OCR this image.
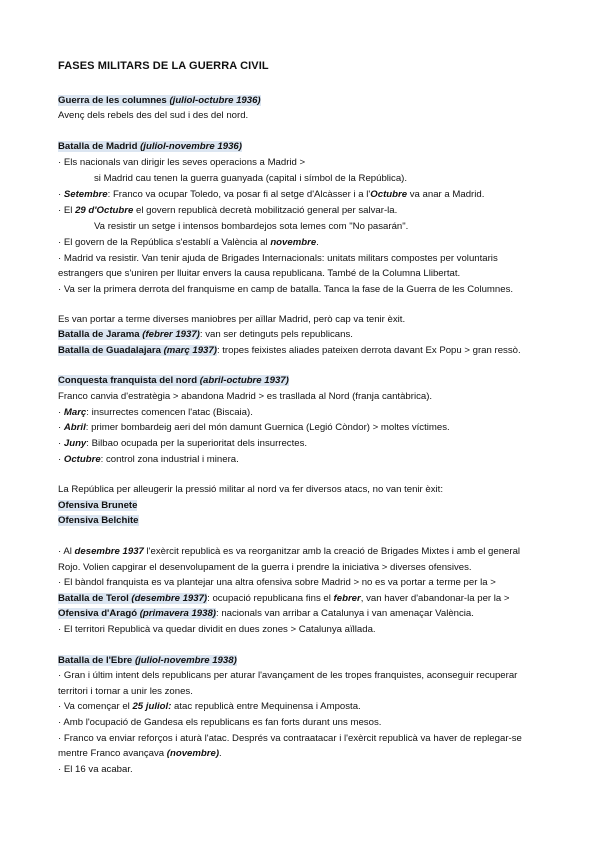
FASES MILITARS DE LA GUERRA CIVIL
Guerra de les columnes (juliol-octubre 1936)
Avenç dels rebels des del sud i des del nord.
Batalla de Madrid (juliol-novembre 1936)
· Els nacionals van dirigir les seves operacions a Madrid >
si Madrid cau tenen la guerra guanyada (capital i símbol de la República).
· Setembre: Franco va ocupar Toledo, va posar fi al setge d'Alcàsser i a l'Octubre va anar a Madrid.
· El 29 d'Octubre el govern republicà decretà mobilització general per salvar-la.
Va resistir un setge i intensos bombardejos sota lemes com "No pasarán".
· El govern de la República s'establí a València al novembre.
· Madrid va resistir. Van tenir ajuda de Brigades Internacionals: unitats militars compostes per voluntaris
estrangers que s'uniren per lluitar envers la causa republicana. També de la Columna Llibertat.
· Va ser la primera derrota del franquisme en camp de batalla. Tanca la fase de la Guerra de les Columnes.
Es van portar a terme diverses maniobres per aïllar Madrid, però cap va tenir èxit.
Batalla de Jarama (febrer 1937): van ser detinguts pels republicans.
Batalla de Guadalajara (març 1937): tropes feixistes aliades pateixen derrota davant Ex Popu > gran ressò.
Conquesta franquista del nord (abril-octubre 1937)
Franco canvia d'estratègia > abandona Madrid > es trasllada al Nord (franja cantàbrica).
· Març: insurrectes comencen l'atac (Biscaia).
· Abril: primer bombardeig aeri del món damunt Guernica (Legió Còndor) > moltes víctimes.
· Juny: Bilbao ocupada per la superioritat dels insurrectes.
· Octubre: control zona industrial i minera.
La República per alleugerir la pressió militar al nord va fer diversos atacs, no van tenir èxit:
Ofensiva Brunete
Ofensiva Belchite
· Al desembre 1937 l'exèrcit republicà es va reorganitzar amb la creació de Brigades Mixtes i amb el general
Rojo. Volien capgirar el desenvolupament de la guerra i prendre la iniciativa > diverses ofensives.
· El bàndol franquista es va plantejar una altra ofensiva sobre Madrid > no es va portar a terme per la >
Batalla de Terol (desembre 1937): ocupació republicana fins el febrer, van haver d'abandonar-la per la >
Ofensiva d'Aragó (primavera 1938): nacionals van arribar a Catalunya i van amenaçar València.
· El territori Republicà va quedar dividit en dues zones > Catalunya aïllada.
Batalla de l'Ebre (juliol-novembre 1938)
· Gran i últim intent dels republicans per aturar l'avançament de les tropes franquistes, aconseguir recuperar
territori i tornar a unir les zones.
· Va començar el 25 juliol: atac republicà entre Mequinensa i Amposta.
· Amb l'ocupació de Gandesa els republicans es fan forts durant uns mesos.
· Franco va enviar reforços i aturà l'atac. Després va contraatacar i l'exèrcit republicà va haver de replegar-se
mentre Franco avançava (novembre).
· El 16 va acabar.
